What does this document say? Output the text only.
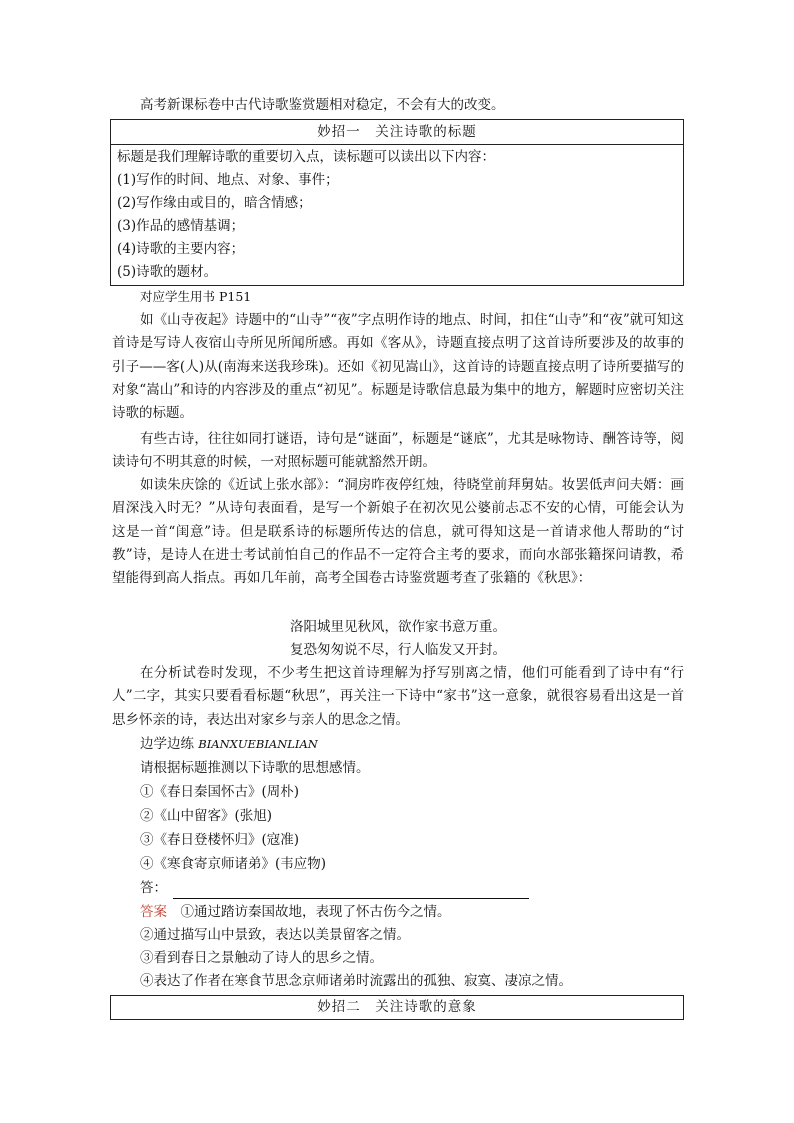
高考新课标卷中古代诗歌鉴赏题相对稳定，不会有大的改变。
妙招一　关注诗歌的标题
标题是我们理解诗歌的重要切入点，读标题可以读出以下内容：
(1)写作的时间、地点、对象、事件；
(2)写作缘由或目的，暗含情感；
(3)作品的感情基调；
(4)诗歌的主要内容；
(5)诗歌的题材。
对应学生用书 P151

如《山寺夜起》诗题中的“山寺”“夜”字点明作诗的地点、时间，扣住“山寺”和“夜”就可知这首诗是写诗人夜宿山寺所见所闻所感。再如《客从》，诗题直接点明了这首诗所要涉及的故事的引子——客(人)从(南海来送我珍珠)。还如《初见嵩山》，这首诗的诗题直接点明了诗所要描写的对象“嵩山”和诗的内容涉及的重点“初见”。标题是诗歌信息最为集中的地方，解题时应密切关注诗歌的标题。

有些古诗，往往如同打谜语，诗句是“谜面”，标题是“谜底”，尤其是咏物诗、酬答诗等，阅读诗句不明其意的时候，一对照标题可能就豁然开朗。

如读朱庆馀的《近试上张水部》：“洞房昨夜停红烛，待晓堂前拜舅姑。妆罢低声问夫婿：画眉深浅入时无？”从诗句表面看，是写一个新娘子在初次见公婆前忐忑不安的心情，可能会认为这是一首“闺意”诗。但是联系诗的标题所传达的信息，就可得知这是一首请求他人帮助的“讨教”诗，是诗人在进士考试前怕自己的作品不一定符合主考的要求，而向水部张籍探问请教，希望能得到高人指点。再如几年前，高考全国卷古诗鉴赏题考查了张籍的《秋思》：

洛阳城里见秋风，欲作家书意万重。
复恐匆匆说不尽，行人临发又开封。

在分析试卷时发现，不少考生把这首诗理解为抒写别离之情，他们可能看到了诗中有“行人”二字，其实只要看看标题“秋思”，再关注一下诗中“家书”这一意象，就很容易看出这是一首思乡怀亲的诗，表达出对家乡与亲人的思念之情。

边学边练 BIANXUEBIANLIAN
请根据标题推测以下诗歌的思想感情。
①《春日秦国怀古》(周朴)
②《山中留客》(张旭)
③《春日登楼怀归》(寇准)
④《寒食寄京师诸弟》(韦应物)
答：
答案　 ①通过踏访秦国故地，表现了怀古伤今之情。
②通过描写山中景致，表达以美景留客之情。
③看到春日之景触动了诗人的思乡之情。
④表达了作者在寒食节思念京师诸弟时流露出的孤独、寂寞、凄凉之情。
妙招二　关注诗歌的意象
